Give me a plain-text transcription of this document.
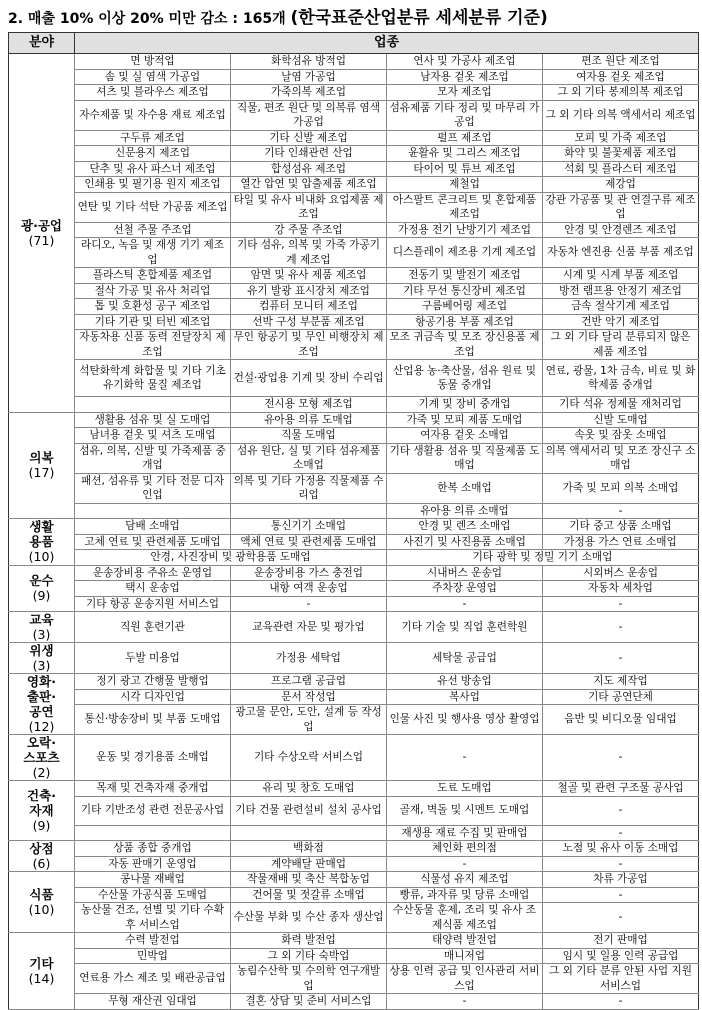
2. 매출 10% 이상 20% 미만 감소 : 165개 (한국표준산업분류 세세분류 기준)
분야	업종			

광·공업
(71)	면 방적업	화학섬유 방적업	연사 및 가공사 제조업	편조 원단 제조업
	솜 및 실 염색 가공업	날염 가공업	남자용 겉옷 제조업	여자용 겉옷 제조업
	셔츠 및 블라우스 제조업	가죽의복 제조업	모자 제조업	그 외 기타 봉제의복 제조업
	자수제품 및 자수용 재료 제조업	직물, 편조 원단 및 의복류 염색 가공업	섬유제품 기타 정리 및 마무리 가공업	그 외 기타 의복 액세서리 제조업
	구두류 제조업	기타 신발 제조업	펄프 제조업	모피 및 가죽 제조업
	신문용지 제조업	기타 인쇄관련 산업	윤활유 및 그리스 제조업	화약 및 불꽃제품 제조업
	단추 및 유사 파스너 제조업	합성섬유 제조업	타이어 및 튜브 제조업	석회 및 플라스터 제조업
	인쇄용 및 필기용 원지 제조업	열간 압연 및 압출제품 제조업	제철업	제강업
	연탄 및 기타 석탄 가공품 제조업	타일 및 유사 비내화 요업제품 제조업	아스팔트 콘크리트 및 혼합제품 제조업	강관 가공품 및 관 연결구류 제조업
	선철 주물 주조업	강 주물 주조업	가정용 전기 난방기기 제조업	안경 및 안경렌즈 제조업
	라디오, 녹음 및 재생 기기 제조업	기타 섬유, 의복 및 가죽 가공기계 제조업	디스플레이 제조용 기계 제조업	자동차 엔진용 신품 부품 제조업
	플라스틱 혼합제품 제조업	암면 및 유사 제품 제조업	전동기 및 발전기 제조업	시계 및 시계 부품 제조업
	절삭 가공 및 유사 처리업	유기 발광 표시장치 제조업	기타 무선 통신장비 제조업	방전 램프용 안정기 제조업
	톱 및 호환성 공구 제조업	컴퓨터 모니터 제조업	구름베어링 제조업	금속 절삭기계 제조업
	기타 기관 및 터빈 제조업	선박 구성 부분품 제조업	항공기용 부품 제조업	건반 악기 제조업
	자동차용 신품 동력 전달장치 제조업	무인 항공기 및 무인 비행장치 제조업	모조 귀금속 및 모조 장신용품 제조업	그 외 기타 달리 분류되지 않은 제품 제조업
	석탄화학계 화합물 및 기타 기초 유기화학 물질 제조업	건설·광업용 기계 및 장비 수리업	산업용 농·축산물, 섬유 원료 및 동물 중개업	연료, 광물, 1차 금속, 비료 및 화학제품 중개업
		전시용 모형 제조업	기계 및 장비 중개업	기타 석유 정제물 재처리업

의복
(17)	생활용 섬유 및 실 도매업	유아용 의류 도매업	가죽 및 모피 제품 도매업	신발 도매업
	남녀용 겉옷 및 셔츠 도매업	직물 도매업	여자용 겉옷 소매업	속옷 및 잠옷 소매업
	섬유, 의복, 신발 및 가죽제품 중개업	섬유 원단, 실 및 기타 섬유제품 소매업	기타 생활용 섬유 및 직물제품 도매업	의복 액세서리 및 모조 장신구 소매업
	패션, 섬유류 및 기타 전문 디자인업	의복 및 기타 가정용 직물제품 수리업	한복 소매업	가죽 및 모피 의복 소매업
			유아용 의류 소매업	-

생활
용품
(10)	담배 소매업	통신기기 소매업	안경 및 렌즈 소매업	기타 중고 상품 소매업
	고체 연료 및 관련제품 도매업	액체 연료 및 관련제품 도매업	사진기 및 사진용품 소매업	가정용 가스 연료 소매업
	안경, 사진장비 및 광학용품 도매업		기타 광학 및 정밀 기기 소매업	

운수
(9)	운송장비용 주유소 운영업	운송장비용 가스 충전업	시내버스 운송업	시외버스 운송업
	택시 운송업	내항 여객 운송업	주차장 운영업	자동차 세차업
	기타 항공 운송지원 서비스업	-	-	-

교육
(3)	직원 훈련기관	교육관련 자문 및 평가업	기타 기술 및 직업 훈련학원	-

위생
(3)	두발 미용업	가정용 세탁업	세탁물 공급업	-

영화·
출판·
공연
(12)	정기 광고 간행물 발행업	프로그램 공급업	유선 방송업	지도 제작업
	시각 디자인업	문서 작성업	복사업	기타 공연단체
	통신·방송장비 및 부품 도매업	광고물 문안, 도안, 설계 등 작성업	인물 사진 및 행사용 영상 촬영업	음반 및 비디오물 임대업

오락·
스포츠
(2)	운동 및 경기용품 소매업	기타 수상오락 서비스업	-	-

건축·
자재
(9)	목재 및 건축자재 중개업	유리 및 창호 도매업	도료 도매업	철골 및 관련 구조물 공사업
	기타 기반조성 관련 전문공사업	기타 건물 관련설비 설치 공사업	골재, 벽돌 및 시멘트 도매업	-
			재생용 재료 수집 및 판매업	-

상점
(6)	상품 종합 중개업	백화점	체인화 편의점	노점 및 유사 이동 소매업
	자동 판매기 운영업	계약배달 판매업	-	-

식품
(10)	콩나물 재배업	작물재배 및 축산 복합농업	식물성 유지 제조업	차류 가공업
	수산물 가공식품 도매업	건어물 및 젓갈류 소매업	빵류, 과자류 및 당류 소매업	-
	농산물 건조, 선별 및 기타 수확 후 서비스업	수산물 부화 및 수산 종자 생산업	수산동물 훈제, 조리 및 유사 조제식품 제조업	-

기타
(14)	수력 발전업	화력 발전업	태양력 발전업	전기 판매업
	민박업	그 외 기타 숙박업	매니저업	임시 및 일용 인력 공급업
	연료용 가스 제조 및 배관공급업	농림수산학 및 수의학 연구개발업	상용 인력 공급 및 인사관리 서비스업	그 외 기타 분류 안된 사업 지원 서비스업
	무형 재산권 임대업	결혼 상담 및 준비 서비스업	-	-
